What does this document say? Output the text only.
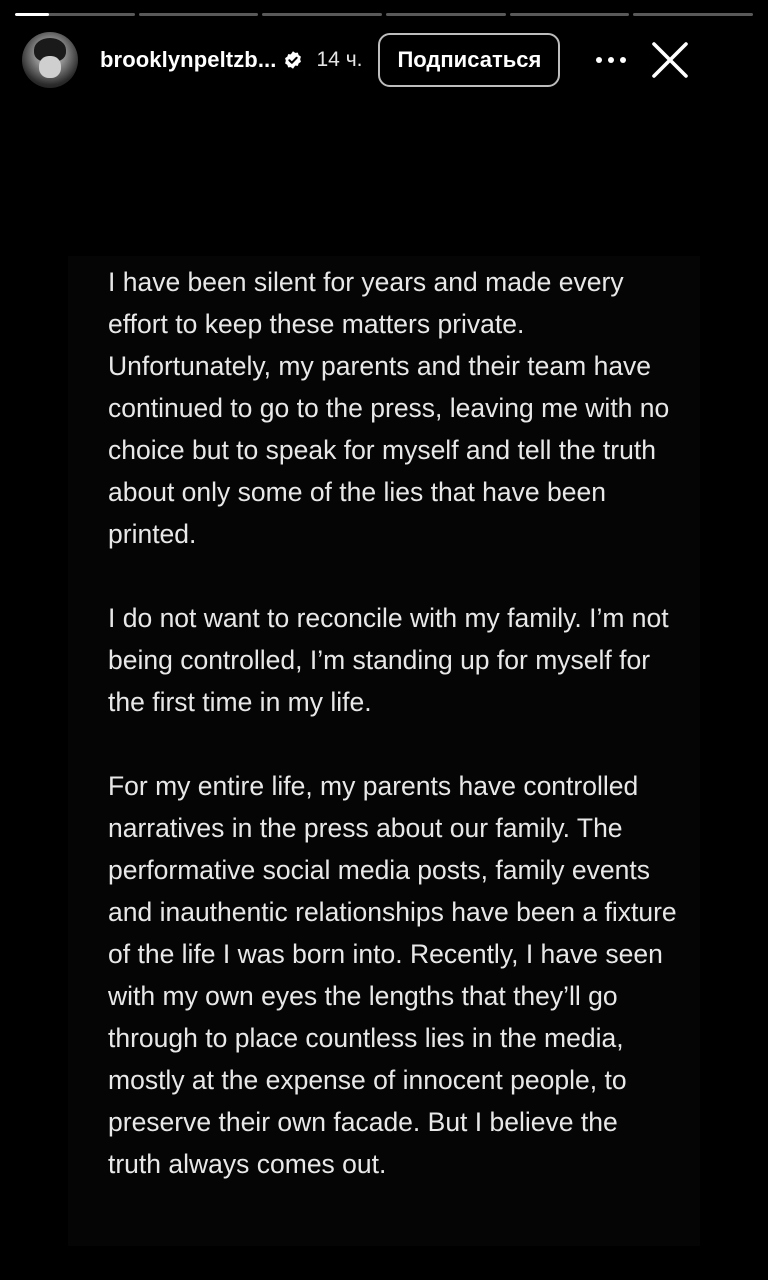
brooklynpeltzb... 14 ч.	Подписаться

I have been silent for years and made every effort to keep these matters private. Unfortunately, my parents and their team have continued to go to the press, leaving me with no choice but to speak for myself and tell the truth about only some of the lies that have been printed.

I do not want to reconcile with my family. I’m not being controlled, I’m standing up for myself for the first time in my life.

For my entire life, my parents have controlled narratives in the press about our family. The performative social media posts, family events and inauthentic relationships have been a fixture of the life I was born into. Recently, I have seen with my own eyes the lengths that they’ll go through to place countless lies in the media, mostly at the expense of innocent people, to preserve their own facade. But I believe the truth always comes out.
